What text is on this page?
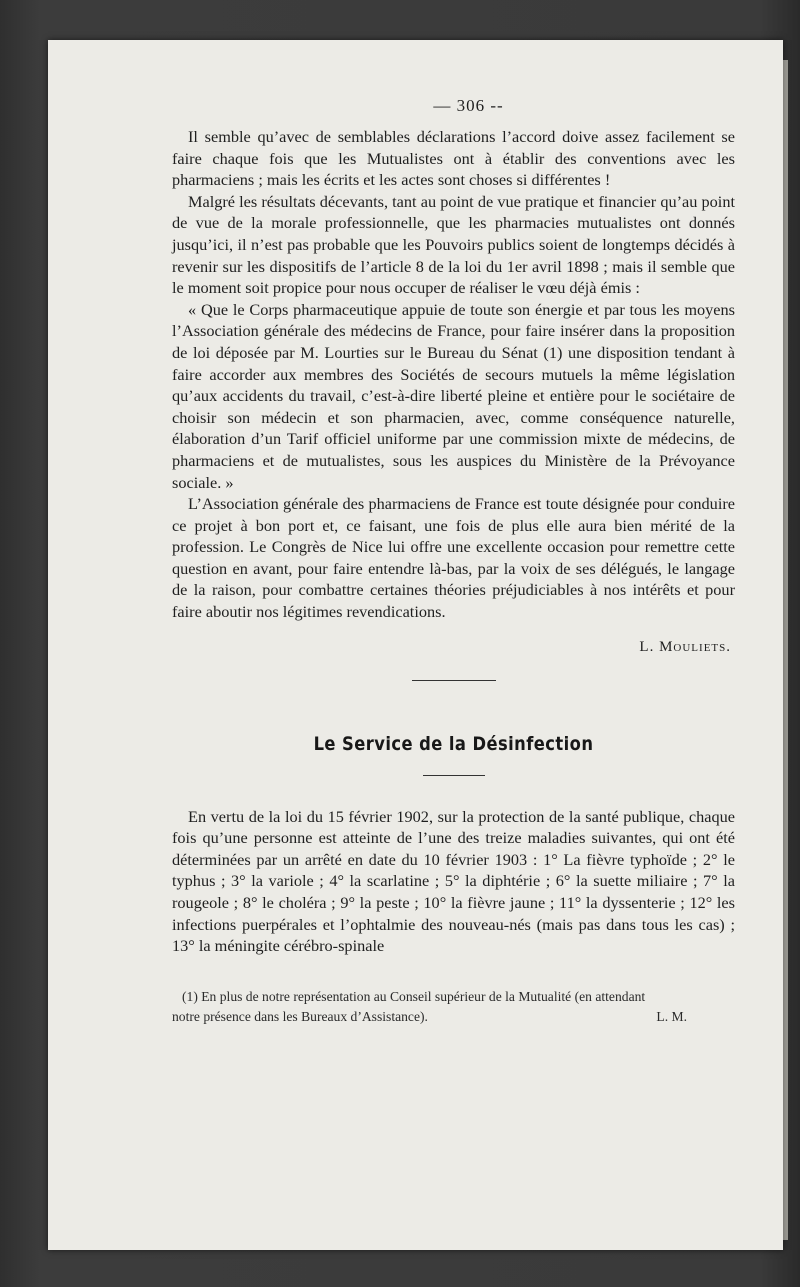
— 306 --

Il semble qu’avec de semblables déclarations l’accord doive assez facilement se faire chaque fois que les Mutualistes ont à établir des conventions avec les pharmaciens ; mais les écrits et les actes sont choses si différentes !

Malgré les résultats décevants, tant au point de vue pratique et financier qu’au point de vue de la morale professionnelle, que les pharmacies mutualistes ont donnés jusqu’ici, il n’est pas probable que les Pouvoirs publics soient de longtemps décidés à revenir sur les dispositifs de l’article 8 de la loi du 1er avril 1898 ; mais il semble que le moment soit propice pour nous occuper de réaliser le vœu déjà émis :

« Que le Corps pharmaceutique appuie de toute son énergie et par tous les moyens l’Association générale des médecins de France, pour faire insérer dans la proposition de loi déposée par M. Lourties sur le Bureau du Sénat (1) une disposition tendant à faire accorder aux membres des Sociétés de secours mutuels la même législation qu’aux accidents du travail, c’est-à-dire liberté pleine et entière pour le sociétaire de choisir son médecin et son pharmacien, avec, comme conséquence naturelle, élaboration d’un Tarif officiel uniforme par une commission mixte de médecins, de pharmaciens et de mutualistes, sous les auspices du Ministère de la Prévoyance sociale. »

L’Association générale des pharmaciens de France est toute désignée pour conduire ce projet à bon port et, ce faisant, une fois de plus elle aura bien mérité de la profession. Le Congrès de Nice lui offre une excellente occasion pour remettre cette question en avant, pour faire entendre là-bas, par la voix de ses délégués, le langage de la raison, pour combattre certaines théories préjudiciables à nos intérêts et pour faire aboutir nos légitimes revendications.

L. Mouliets.
Le Service de la Désinfection

En vertu de la loi du 15 février 1902, sur la protection de la santé publique, chaque fois qu’une personne est atteinte de l’une des treize maladies suivantes, qui ont été déterminées par un arrêté en date du 10 février 1903 : 1° La fièvre typhoïde ; 2° le typhus ; 3° la variole ; 4° la scarlatine ; 5° la diphtérie ; 6° la suette miliaire ; 7° la rougeole ; 8° le choléra ; 9° la peste ; 10° la fièvre jaune ; 11° la dyssenterie ; 12° les infections puerpérales et l’ophtalmie des nouveau-nés (mais pas dans tous les cas) ; 13° la méningite cérébro-spinale

(1) En plus de notre représentation au Conseil supérieur de la Mutualité (en attendant
notre présence dans les Bureaux d’Assistance).	L. M.
